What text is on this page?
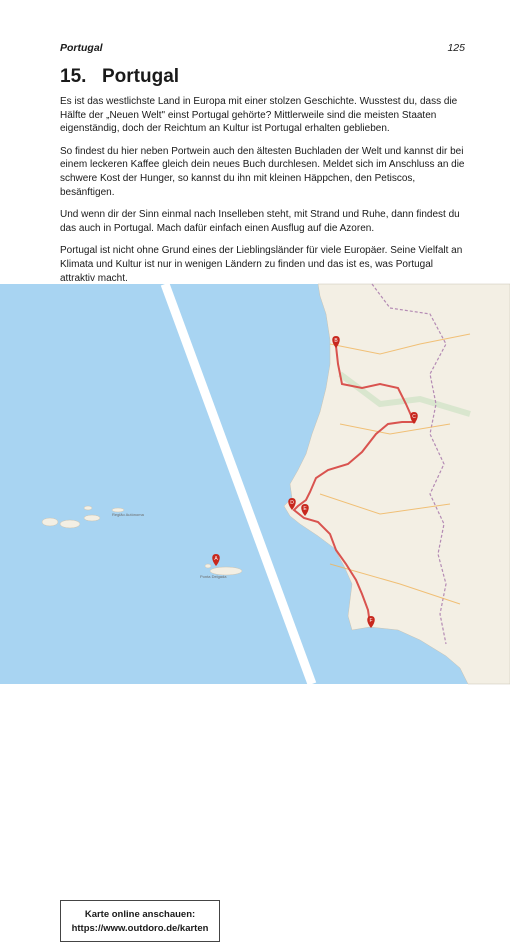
Portugal	125
15. Portugal

Es ist das westlichste Land in Europa mit einer stolzen Geschichte. Wusstest du, dass die Hälfte der „Neuen Welt" einst Portugal gehörte? Mittlerweile sind die meisten Staaten eigenständig, doch der Reichtum an Kultur ist Portugal erhalten geblieben.

So findest du hier neben Portwein auch den ältesten Buchladen der Welt und kannst dir bei einem leckeren Kaffee gleich dein neues Buch durchlesen. Meldet sich im Anschluss an die schwere Kost der Hunger, so kannst du ihn mit kleinen Häppchen, den Petiscos, besänftigen.

Und wenn dir der Sinn einmal nach Inselleben steht, mit Strand und Ruhe, dann findest du das auch in Portugal. Mach dafür einfach einen Ausflug auf die Azoren.

Portugal ist nicht ohne Grund eines der Lieblingsländer für viele Europäer. Seine Vielfalt an Klimata und Kultur ist nur in wenigen Ländern zu finden und das ist es, was Portugal attraktiv macht.

Região Autónoma
Ponta Delgada
A
B
C
D
E
F
Karte online anschauen:
https://www.outdoro.de/karten
